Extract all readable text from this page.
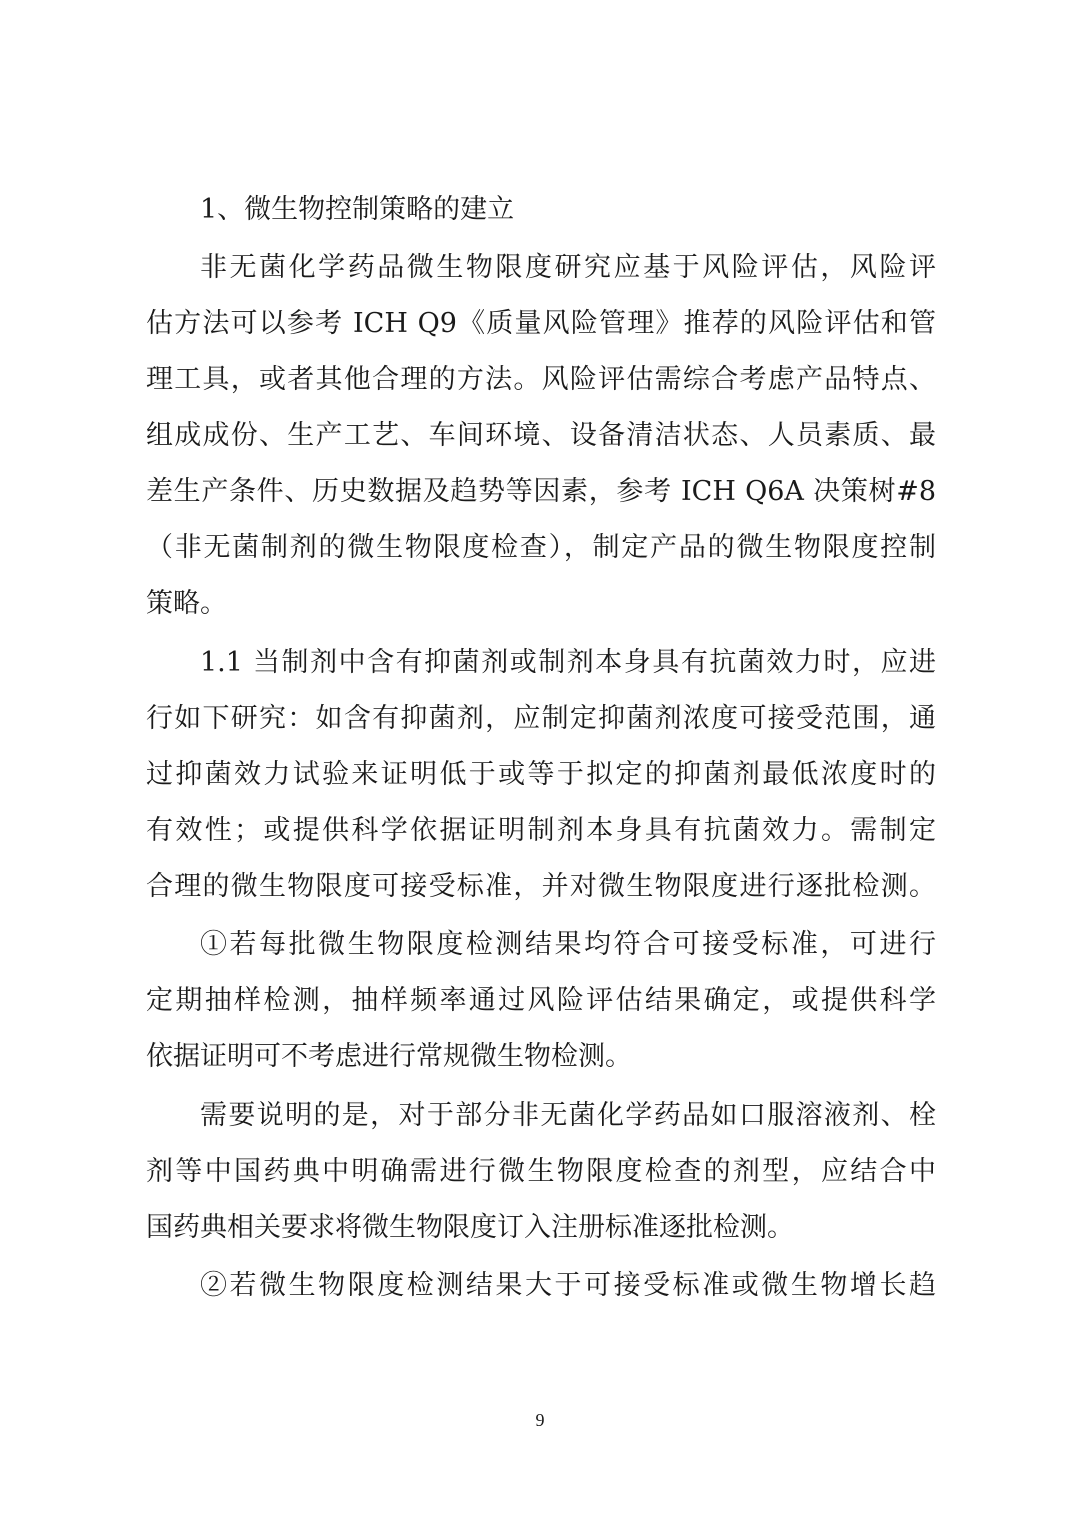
1、微生物控制策略的建立
非无菌化学药品微生物限度研究应基于风险评估，风险评
估方法可以参考 ICH Q9《质量风险管理》推荐的风险评估和管
理工具，或者其他合理的方法。风险评估需综合考虑产品特点、
组成成份、生产工艺、车间环境、设备清洁状态、人员素质、最
差生产条件、历史数据及趋势等因素，参考 ICH Q6A 决策树#8
（非无菌制剂的微生物限度检查），制定产品的微生物限度控制
策略。
1.1 当制剂中含有抑菌剂或制剂本身具有抗菌效力时，应进
行如下研究：如含有抑菌剂，应制定抑菌剂浓度可接受范围，通
过抑菌效力试验来证明低于或等于拟定的抑菌剂最低浓度时的
有效性；或提供科学依据证明制剂本身具有抗菌效力。需制定
合理的微生物限度可接受标准，并对微生物限度进行逐批检测。
①若每批微生物限度检测结果均符合可接受标准，可进行
定期抽样检测，抽样频率通过风险评估结果确定，或提供科学
依据证明可不考虑进行常规微生物检测。
需要说明的是，对于部分非无菌化学药品如口服溶液剂、栓
剂等中国药典中明确需进行微生物限度检查的剂型，应结合中
国药典相关要求将微生物限度订入注册标准逐批检测。
②若微生物限度检测结果大于可接受标准或微生物增长趋
9
